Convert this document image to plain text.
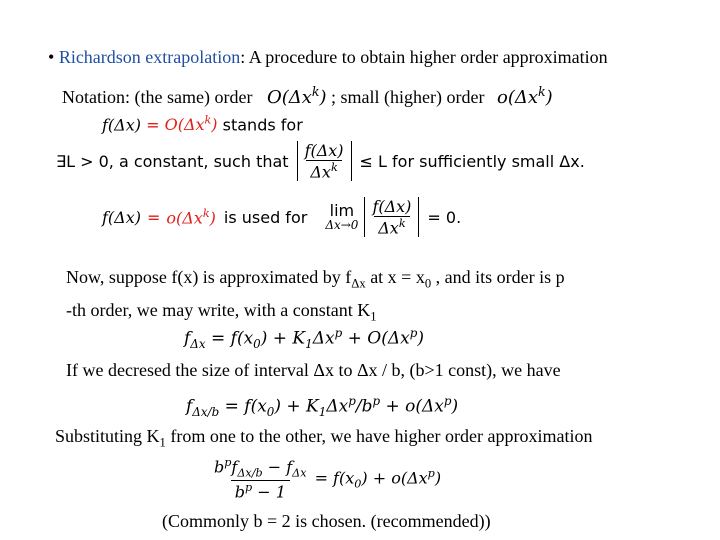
• Richardson extrapolation: A procedure to obtain higher order approximation
Notation: (the same) order $O(\Delta x^k)$ ; small (higher) order $o(\Delta x^k)$
$f(\Delta x) = O(\Delta x^k)$ stands for
∃L > 0, a constant, such that $\frac{f(\Delta x)}{\Delta x^k} \le L$ for sufficiently small Δx.
$f(\Delta x) = o(\Delta x^k)$ is used for lim
$\Delta x\to 0 \frac{f(\Delta x)}{\Delta x^k} = 0$.
Now, suppose f(x) is approximated by $f_{\Delta x}$ at $x = x_0$ , and its order is p
-th order, we may write, with a constant $K_1$
$f_{\Delta x} = f(x_0) + K_1\Delta x^p + O(\Delta x^p)$
If we decresed the size of interval Δx to Δx / b, (b>1 const), we have
$f_{\Delta x/b} = f(x_0) + K_1\Delta x^p/b^p + o(\Delta x^p)$
Substituting $K_1$ from one to the other, we have higher order approximation
$\frac{b^pf_{\Delta x/b} - f_{\Delta x}}{b^p - 1} = f(x_0) + o(\Delta x^p)$
(Commonly b = 2 is chosen. (recommended))
